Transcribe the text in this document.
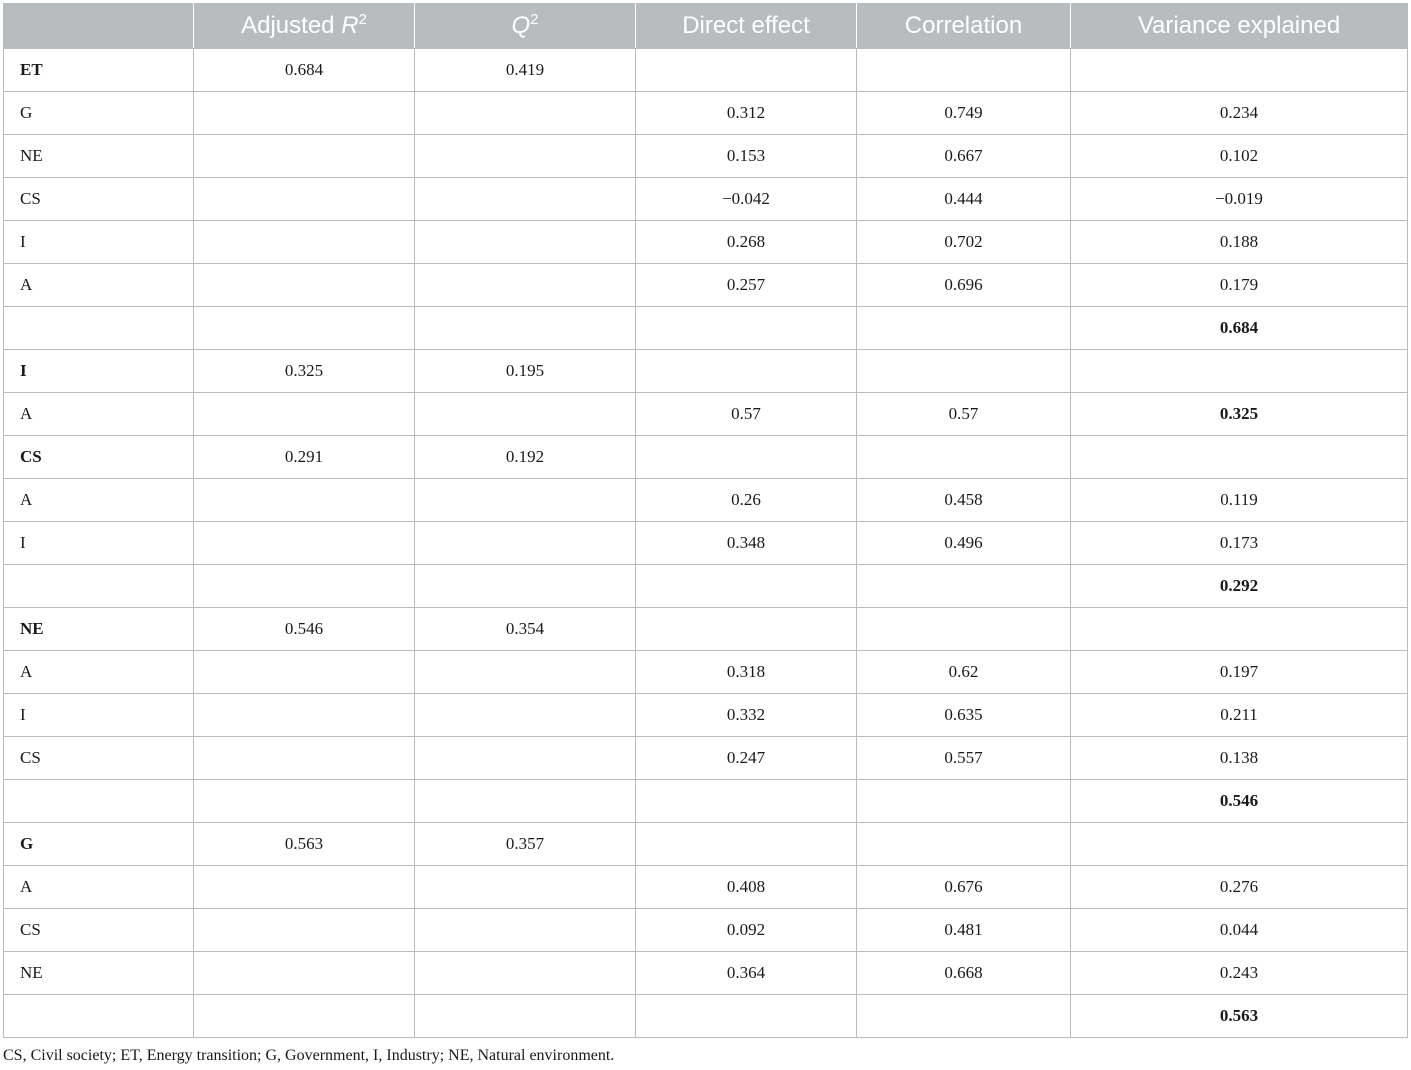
	Adjusted $R^2$	$Q^2$	Direct effect	Correlation	Variance explained
ET	0.684	0.419			
G			0.312	0.749	0.234
NE			0.153	0.667	0.102
CS			−0.042	0.444	−0.019
I			0.268	0.702	0.188
A			0.257	0.696	0.179
					0.684
I	0.325	0.195			
A			0.57	0.57	0.325
CS	0.291	0.192			
A			0.26	0.458	0.119
I			0.348	0.496	0.173
					0.292
NE	0.546	0.354			
A			0.318	0.62	0.197
I			0.332	0.635	0.211
CS			0.247	0.557	0.138
					0.546
G	0.563	0.357			
A			0.408	0.676	0.276
CS			0.092	0.481	0.044
NE			0.364	0.668	0.243
					0.563
CS, Civil society; ET, Energy transition; G, Government, I, Industry; NE, Natural environment.
